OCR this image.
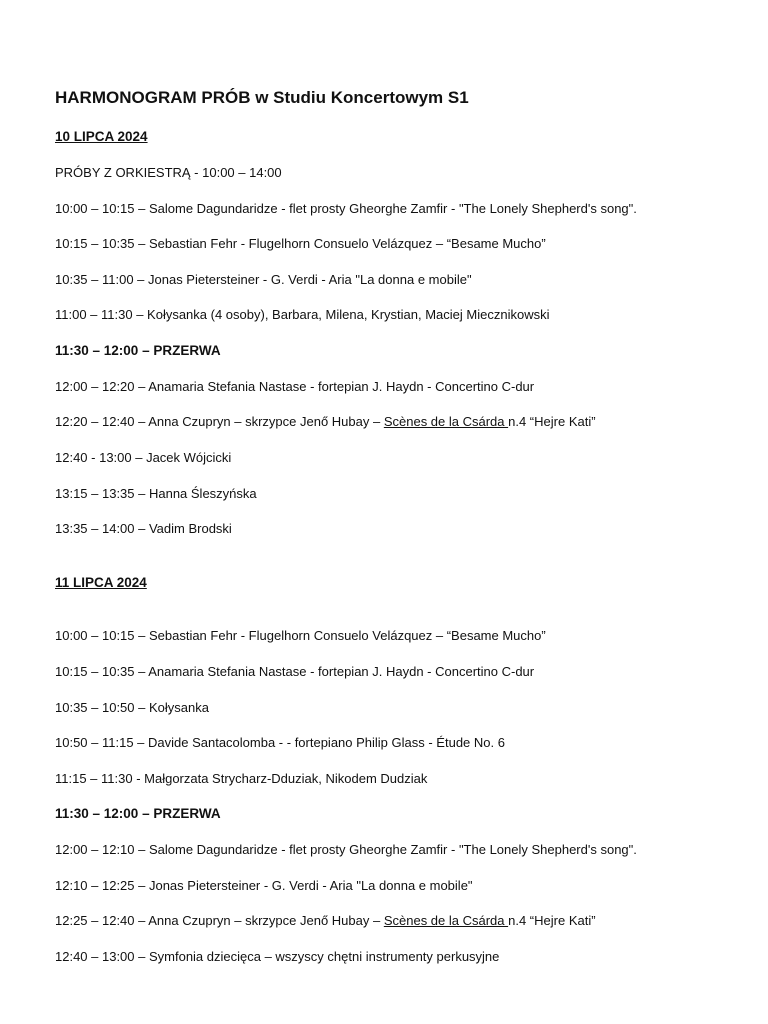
HARMONOGRAM PRÓB w Studiu Koncertowym S1
10 LIPCA 2024
PRÓBY Z ORKIESTRĄ - 10:00 – 14:00
10:00 – 10:15 – Salome Dagundaridze - flet prosty Gheorghe Zamfir - "The Lonely Shepherd's song".
10:15 – 10:35 – Sebastian Fehr - Flugelhorn Consuelo Velázquez – “Besame Mucho”
10:35 – 11:00 – Jonas Pietersteiner - G. Verdi - Aria "La donna e mobile"
11:00 – 11:30 – Kołysanka (4 osoby), Barbara, Milena, Krystian, Maciej Miecznikowski
11:30 – 12:00 – PRZERWA
12:00 – 12:20 – Anamaria Stefania Nastase - fortepian J. Haydn - Concertino C-dur
12:20 – 12:40 – Anna Czupryn – skrzypce Jenő Hubay – Scènes de la Csárda n.4 “Hejre Kati”
12:40 - 13:00 – Jacek Wójcicki
13:15 – 13:35 – Hanna Śleszyńska
13:35 – 14:00 – Vadim Brodski
11 LIPCA 2024
10:00 – 10:15 – Sebastian Fehr - Flugelhorn Consuelo Velázquez – “Besame Mucho”
10:15 – 10:35 – Anamaria Stefania Nastase - fortepian J. Haydn - Concertino C-dur
10:35 – 10:50 – Kołysanka
10:50 – 11:15 – Davide Santacolomba - - fortepiano Philip Glass - Étude No. 6
11:15 – 11:30 - Małgorzata Strycharz-Dduziak, Nikodem Dudziak
11:30 – 12:00 – PRZERWA
12:00 – 12:10 – Salome Dagundaridze - flet prosty Gheorghe Zamfir - "The Lonely Shepherd's song".
12:10 – 12:25 – Jonas Pietersteiner - G. Verdi - Aria "La donna e mobile"
12:25 – 12:40 – Anna Czupryn – skrzypce Jenő Hubay – Scènes de la Csárda n.4 “Hejre Kati”
12:40 – 13:00 – Symfonia dziecięca – wszyscy chętni instrumenty perkusyjne
